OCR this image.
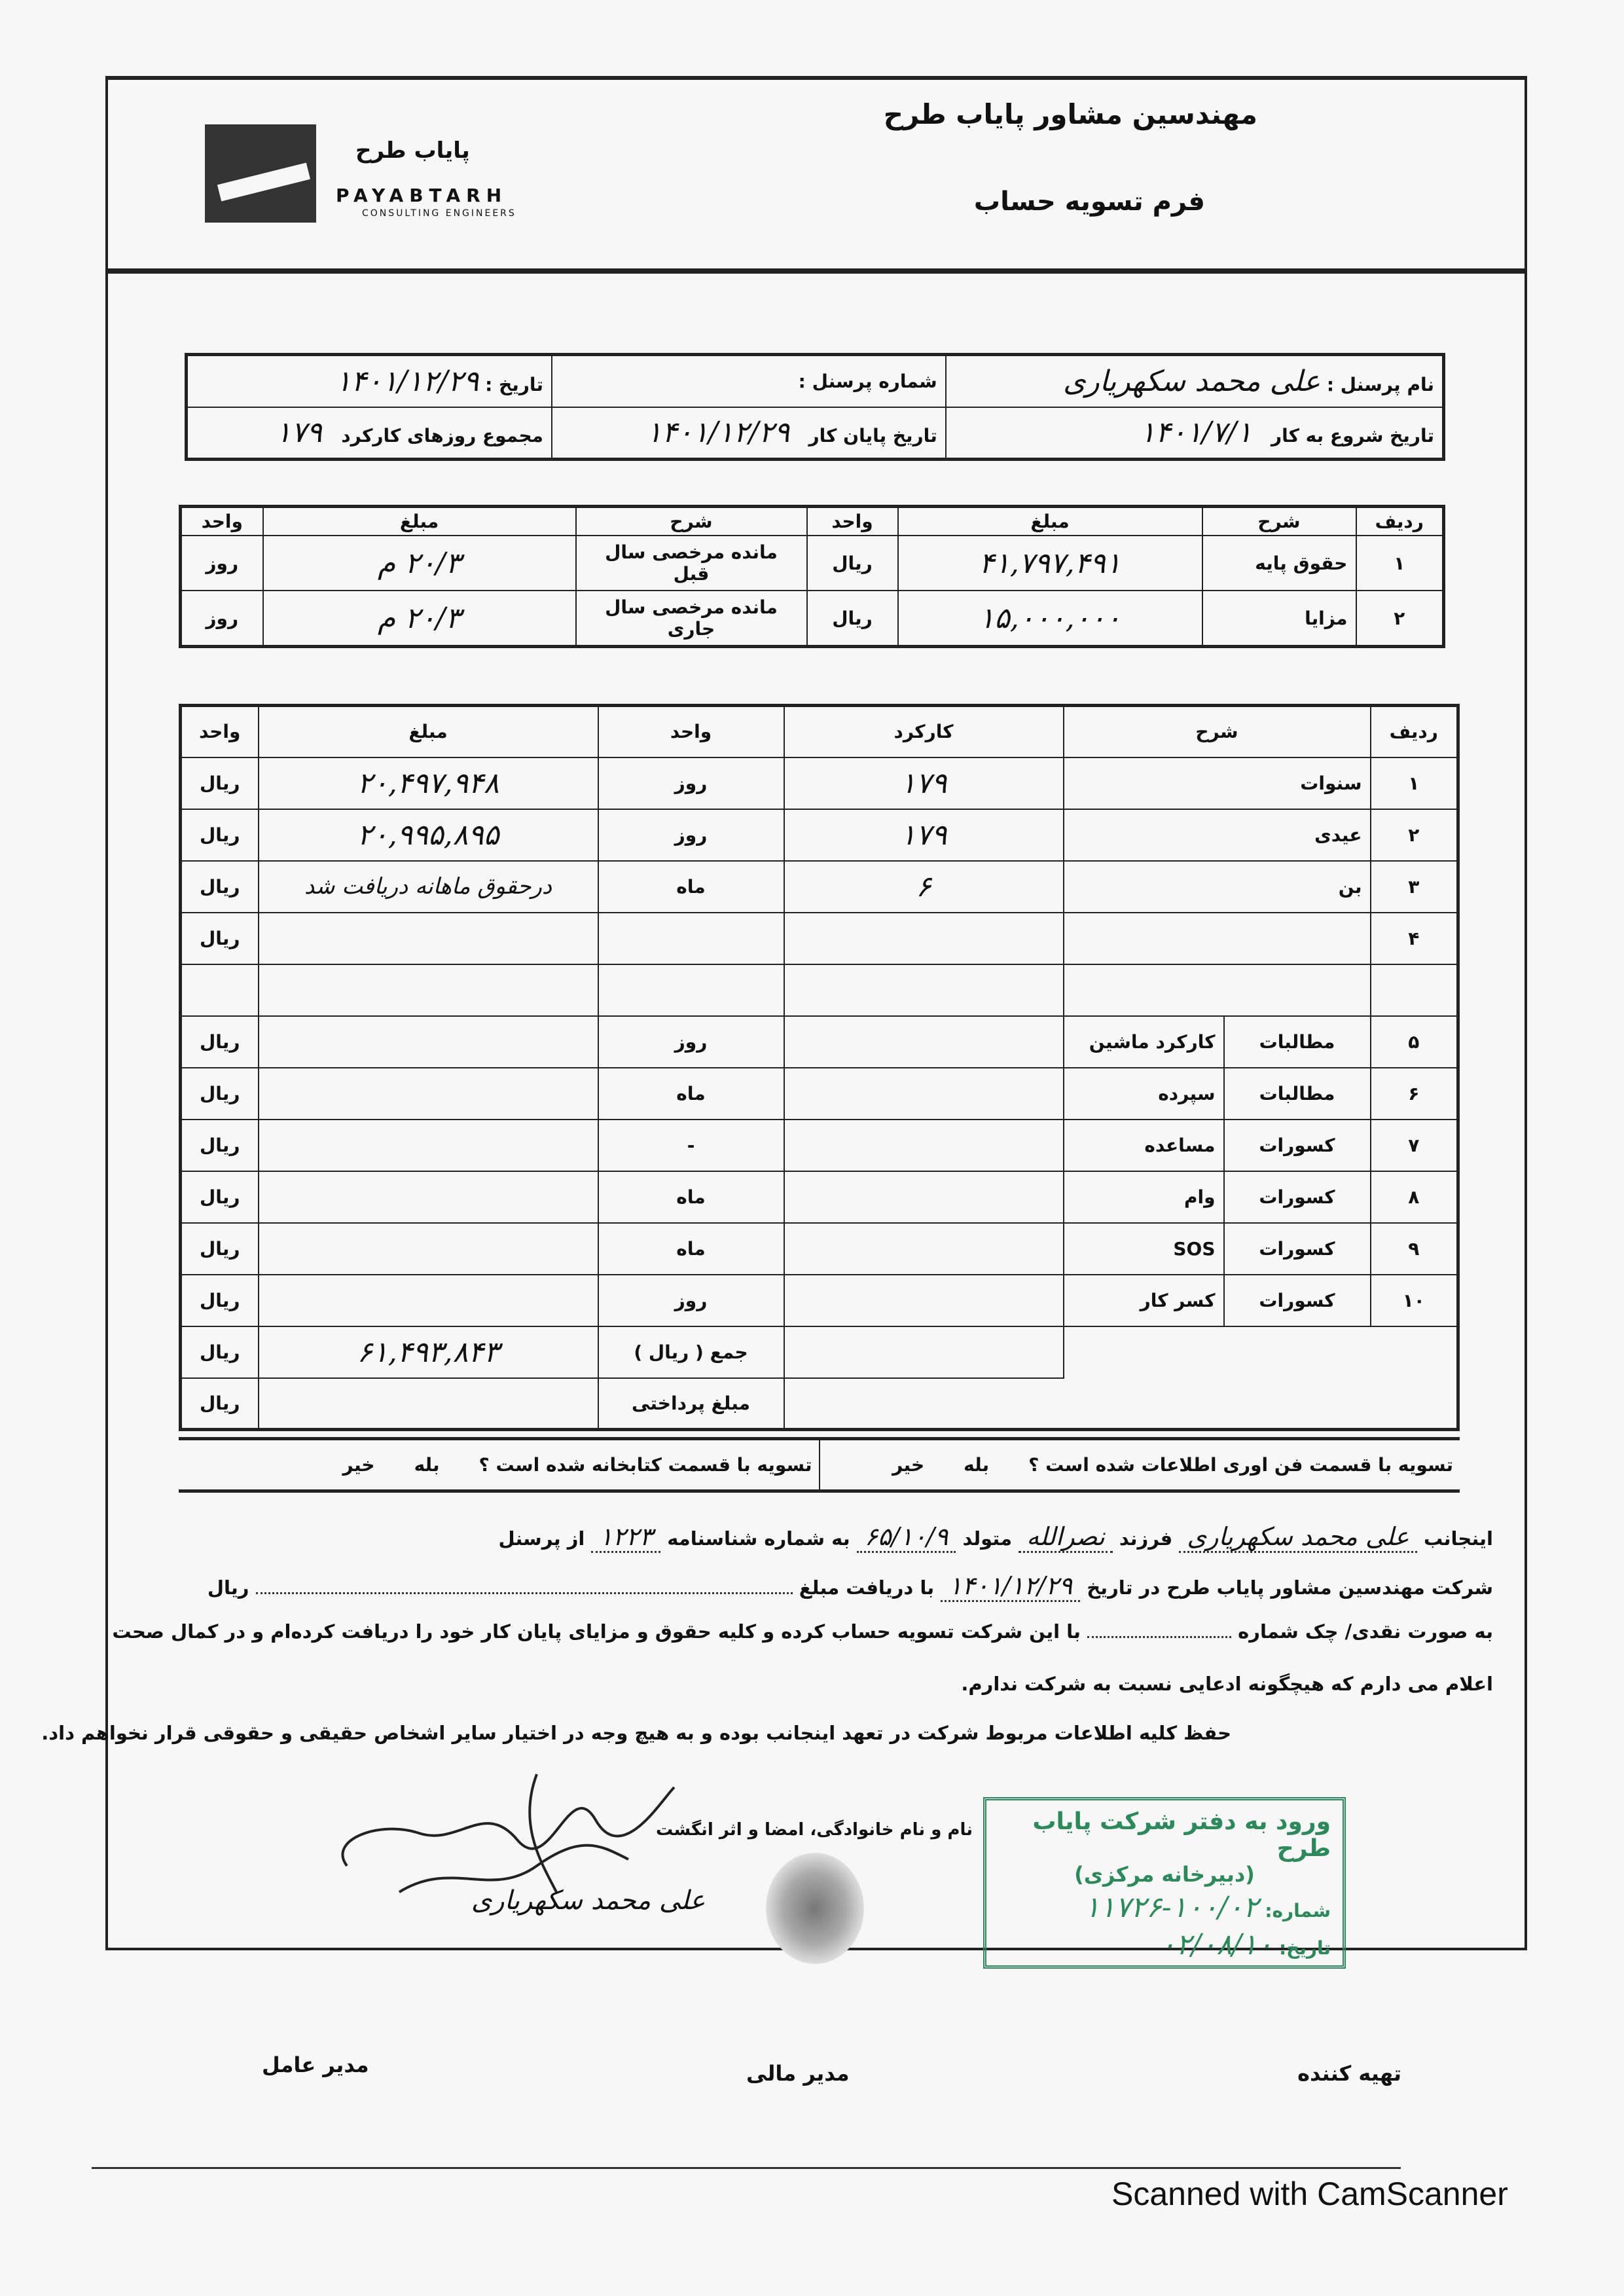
مهندسین مشاور پایاب طرح
فرم تسویه حساب
پایاب طرح
PAYABTARH
CONSULTING ENGINEERS
نام پرسنل : علی محمد سکهریاری	شماره پرسنل :	تاریخ : ۱۴۰۱/۱۲/۲۹
تاریخ شروع به کار   ۱۴۰۱/۷/۱	تاریخ پایان کار   ۱۴۰۱/۱۲/۲۹	مجموع روزهای کارکرد   ۱۷۹
ردیف	شرح	مبلغ	واحد	شرح	مبلغ	واحد
۱	حقوق پایه	۴۱,۷۹۷,۴۹۱	ریال	مانده مرخصی سال قبل	۲۰/۳ م	روز
۲	مزایا	۱۵,۰۰۰,۰۰۰	ریال	مانده مرخصی سال جاری	۲۰/۳ م	روز
ردیف	شرح		کارکرد	واحد	مبلغ	واحد
۱	سنوات		۱۷۹	روز	۲۰,۴۹۷,۹۴۸	ریال
۲	عیدی		۱۷۹	روز	۲۰,۹۹۵,۸۹۵	ریال
۳	بن		۶	ماه	درحقوق ماهانه دریافت شد	ریال
۴						ریال

۵	مطالبات	کارکرد ماشین		روز		ریال
۶	مطالبات	سپرده		ماه		ریال
۷	کسورات	مساعده		-		ریال
۸	کسورات	وام		ماه		ریال
۹	کسورات	SOS		ماه		ریال
۱۰	کسورات	کسر کار		روز		ریال
				جمع ( ریال )	۶۱,۴۹۳,۸۴۳	ریال
				مبلغ پرداختی		ریال
تسویه با قسمت فن اوری اطلاعات شده است ؟
بله
خیر
تسویه با قسمت کتابخانه شده است ؟
بله
خیر
اینجانب علی محمد سکهریاری فرزند نصرالله متولد ۶۵/۱۰/۹ به شماره شناسنامه ۱۲۲۳ از پرسنل
شرکت مهندسین مشاور پایاب طرح در تاریخ ۱۴۰۱/۱۲/۲۹ با دریافت مبلغ  ریال
به صورت نقدی/ چک شماره  با این شرکت تسویه حساب کرده و کلیه حقوق و مزایای پایان کار خود را دریافت کرده‌ام و در کمال صحت
اعلام می دارم که هیچگونه ادعایی نسبت به شرکت ندارم.
حفظ کلیه اطلاعات مربوط شرکت در تعهد اینجانب بوده و به هیچ وجه در اختیار سایر اشخاص حقیقی و حقوقی قرار نخواهم داد.
علی محمد سکهریاری
نام و نام خانوادگی، امضا و اثر انگشت	ورود به دفتر شرکت پایاب طرح
(دبیرخانه مرکزی)
شماره: ۱۰۰/۰۲-۱۱۷۲۶
تاریخ: ۰۲/۰۸/۱۰
تهیه کننده
مدیر مالی
مدیر عامل
Scanned with CamScanner
